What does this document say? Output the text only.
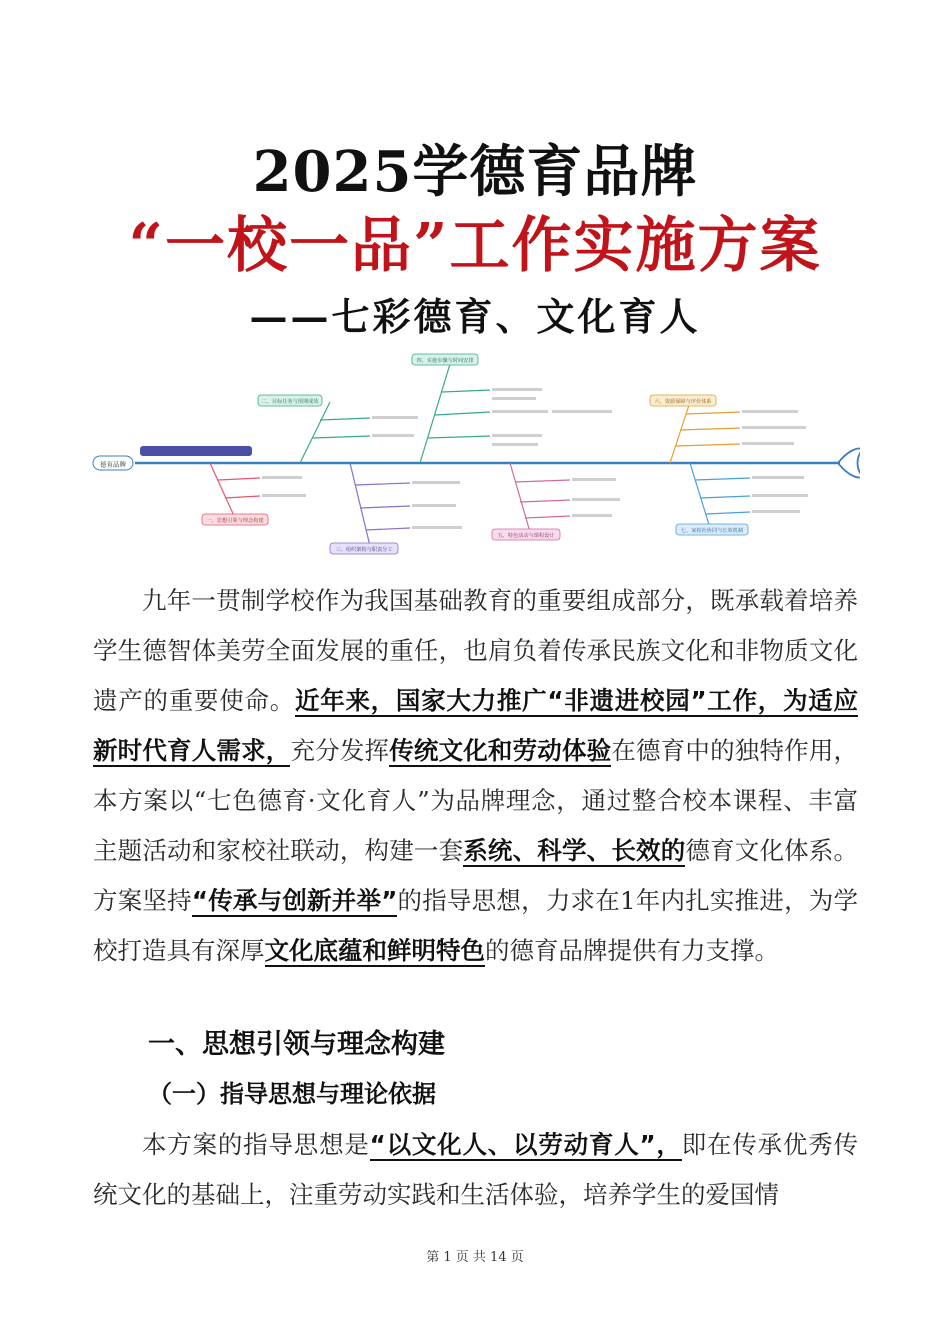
2025学德育品牌
“一校一品”工作实施方案
——七彩德育、文化育人
德育品牌
四、实施步骤与时间安排
二、目标任务与预期成效	六、资源保障与评价体系
一、思想引领与理念构建
三、组织架构与职责分工
五、特色活动与课程设计
七、家校社协同与长效机制

九年一贯制学校作为我国基础教育的重要组成部分，既承载着培养学生德智体美劳全面发展的重任，也肩负着传承民族文化和非物质文化遗产的重要使命。近年来，国家大力推广“非遗进校园”工作，为适应新时代育人需求，充分发挥传统文化和劳动体验在德育中的独特作用，本方案以“七色德育·文化育人”为品牌理念，通过整合校本课程、丰富主题活动和家校社联动，构建一套系统、科学、长效的德育文化体系。方案坚持“传承与创新并举”的指导思想，力求在1年内扎实推进，为学校打造具有深厚文化底蕴和鲜明特色的德育品牌提供有力支撑。

一、思想引领与理念构建
（一）指导思想与理论依据

本方案的指导思想是“以文化人、以劳动育人”，即在传承优秀传统文化的基础上，注重劳动实践和生活体验，培养学生的爱国情

第 1 页 共 14 页
